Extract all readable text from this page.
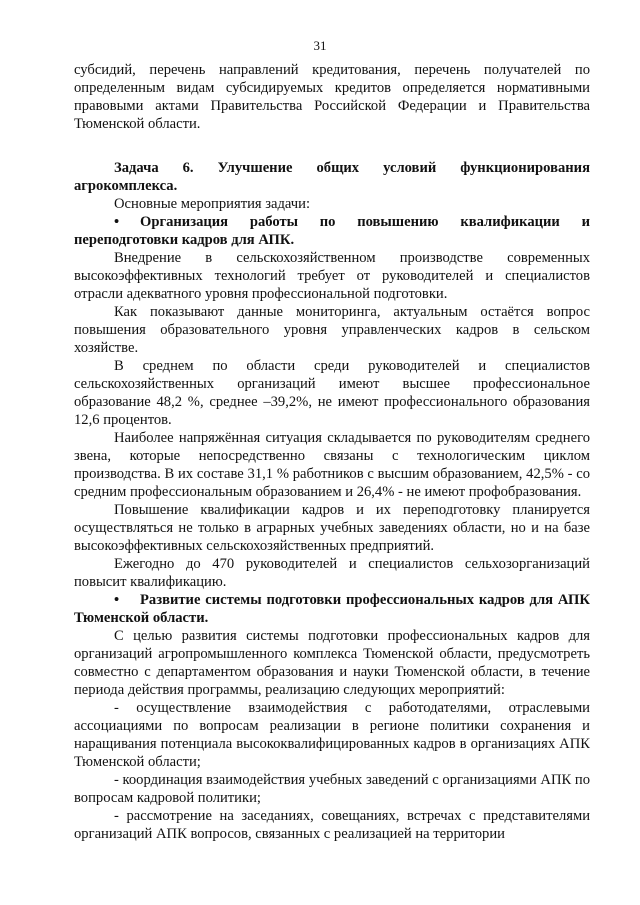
31

субсидий, перечень направлений кредитования, перечень получателей по определенным видам субсидируемых кредитов определяется нормативными правовыми актами Правительства Российской Федерации и Правительства Тюменской области.

Задача 6. Улучшение общих условий функционирования агрокомплекса.

Основные мероприятия задачи:

• Организация работы по повышению квалификации и переподготовки кадров для АПК.

Внедрение в сельскохозяйственном производстве современных высокоэффективных технологий требует от руководителей и специалистов отрасли адекватного уровня профессиональной подготовки.

Как показывают данные мониторинга, актуальным остаётся вопрос повышения образовательного уровня управленческих кадров в сельском хозяйстве.

В среднем по области среди руководителей и специалистов сельскохозяйственных организаций имеют высшее профессиональное образование 48,2 %, среднее –39,2%, не имеют профессионального образования 12,6 процентов.

Наиболее напряжённая ситуация складывается по руководителям среднего звена, которые непосредственно связаны с технологическим циклом производства. В их составе 31,1 % работников с высшим образованием, 42,5% - со средним профессиональным образованием и 26,4% - не имеют профобразования.

Повышение квалификации кадров и их переподготовку планируется осуществляться не только в аграрных учебных заведениях области, но и на базе высокоэффективных сельскохозяйственных предприятий.

Ежегодно до 470 руководителей и специалистов сельхозорганизаций повысит квалификацию.

• Развитие системы подготовки профессиональных кадров для АПК Тюменской области.

С целью развития системы подготовки профессиональных кадров для организаций агропромышленного комплекса Тюменской области, предусмотреть совместно с департаментом образования и науки Тюменской области, в течение периода действия программы, реализацию следующих мероприятий:

- осуществление взаимодействия с работодателями, отраслевыми ассоциациями по вопросам реализации в регионе политики сохранения и наращивания потенциала высококвалифицированных кадров в организациях АПК Тюменской области;

- координация взаимодействия учебных заведений с организациями АПК по вопросам кадровой политики;

- рассмотрение на заседаниях, совещаниях, встречах с представителями организаций АПК вопросов, связанных с реализацией на территории
